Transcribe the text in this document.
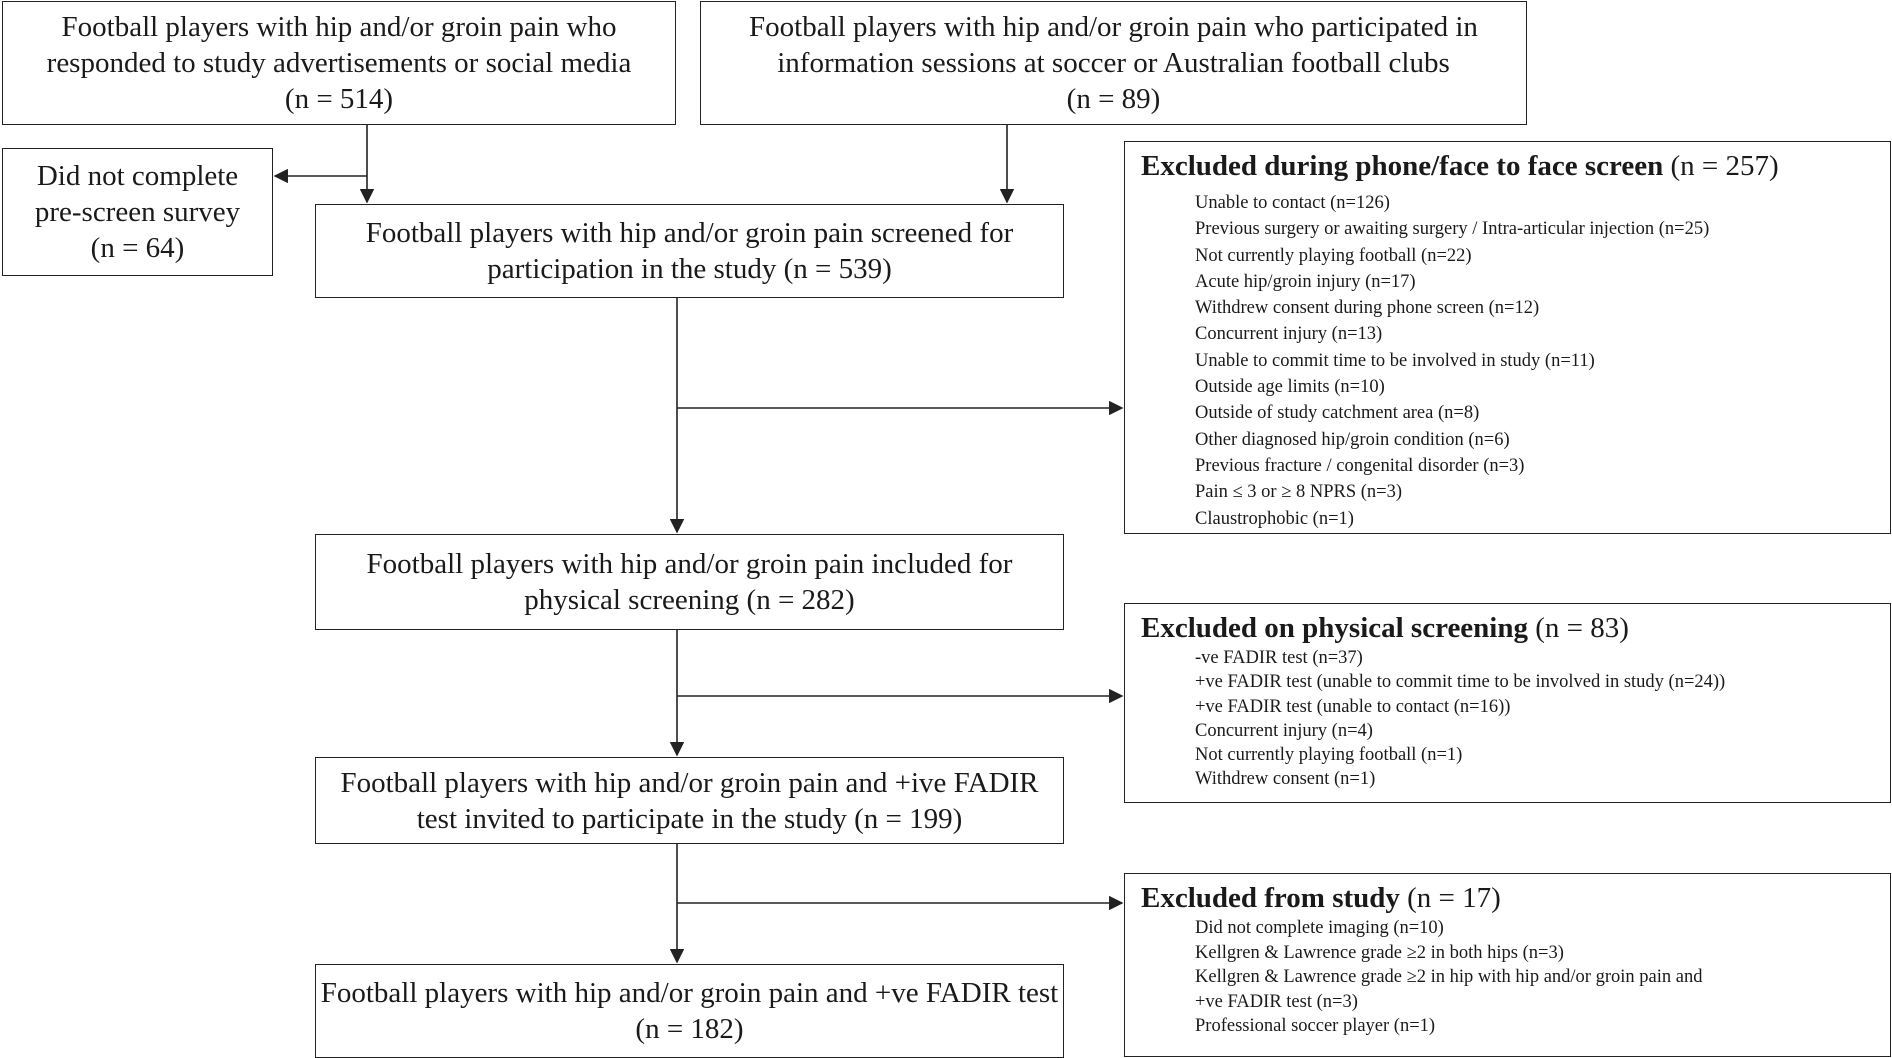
Football players with hip and/or groin pain who
responded to study advertisements or social media
(n = 514)
Football players with hip and/or groin pain who participated in
information sessions at soccer or Australian football clubs
(n = 89)
Did not complete
pre-screen survey
(n = 64)	Football players with hip and/or groin pain screened for
participation in the study (n = 539)
Football players with hip and/or groin pain included for
physical screening (n = 282)
Football players with hip and/or groin pain and +ive FADIR
test invited to participate in the study (n = 199)
Football players with hip and/or groin pain and +ve FADIR test
(n = 182)
Excluded during phone/face to face screen (n = 257)
Unable to contact (n=126)
Previous surgery or awaiting surgery / Intra-articular injection (n=25)
Not currently playing football (n=22)
Acute hip/groin injury (n=17)
Withdrew consent during phone screen (n=12)
Concurrent injury (n=13)
Unable to commit time to be involved in study (n=11)
Outside age limits (n=10)
Outside of study catchment area (n=8)
Other diagnosed hip/groin condition (n=6)
Previous fracture / congenital disorder (n=3)
Pain ≤ 3 or ≥ 8 NPRS (n=3)
Claustrophobic (n=1)
Excluded on physical screening (n = 83)
-ve FADIR test (n=37)
+ve FADIR test (unable to commit time to be involved in study (n=24))
+ve FADIR test (unable to contact (n=16))
Concurrent injury (n=4)
Not currently playing football (n=1)
Withdrew consent (n=1)
Excluded from study (n = 17)
Did not complete imaging (n=10)
Kellgren & Lawrence grade ≥2 in both hips (n=3)
Kellgren & Lawrence grade ≥2 in hip with hip and/or groin pain and
+ve FADIR test (n=3)
Professional soccer player (n=1)
